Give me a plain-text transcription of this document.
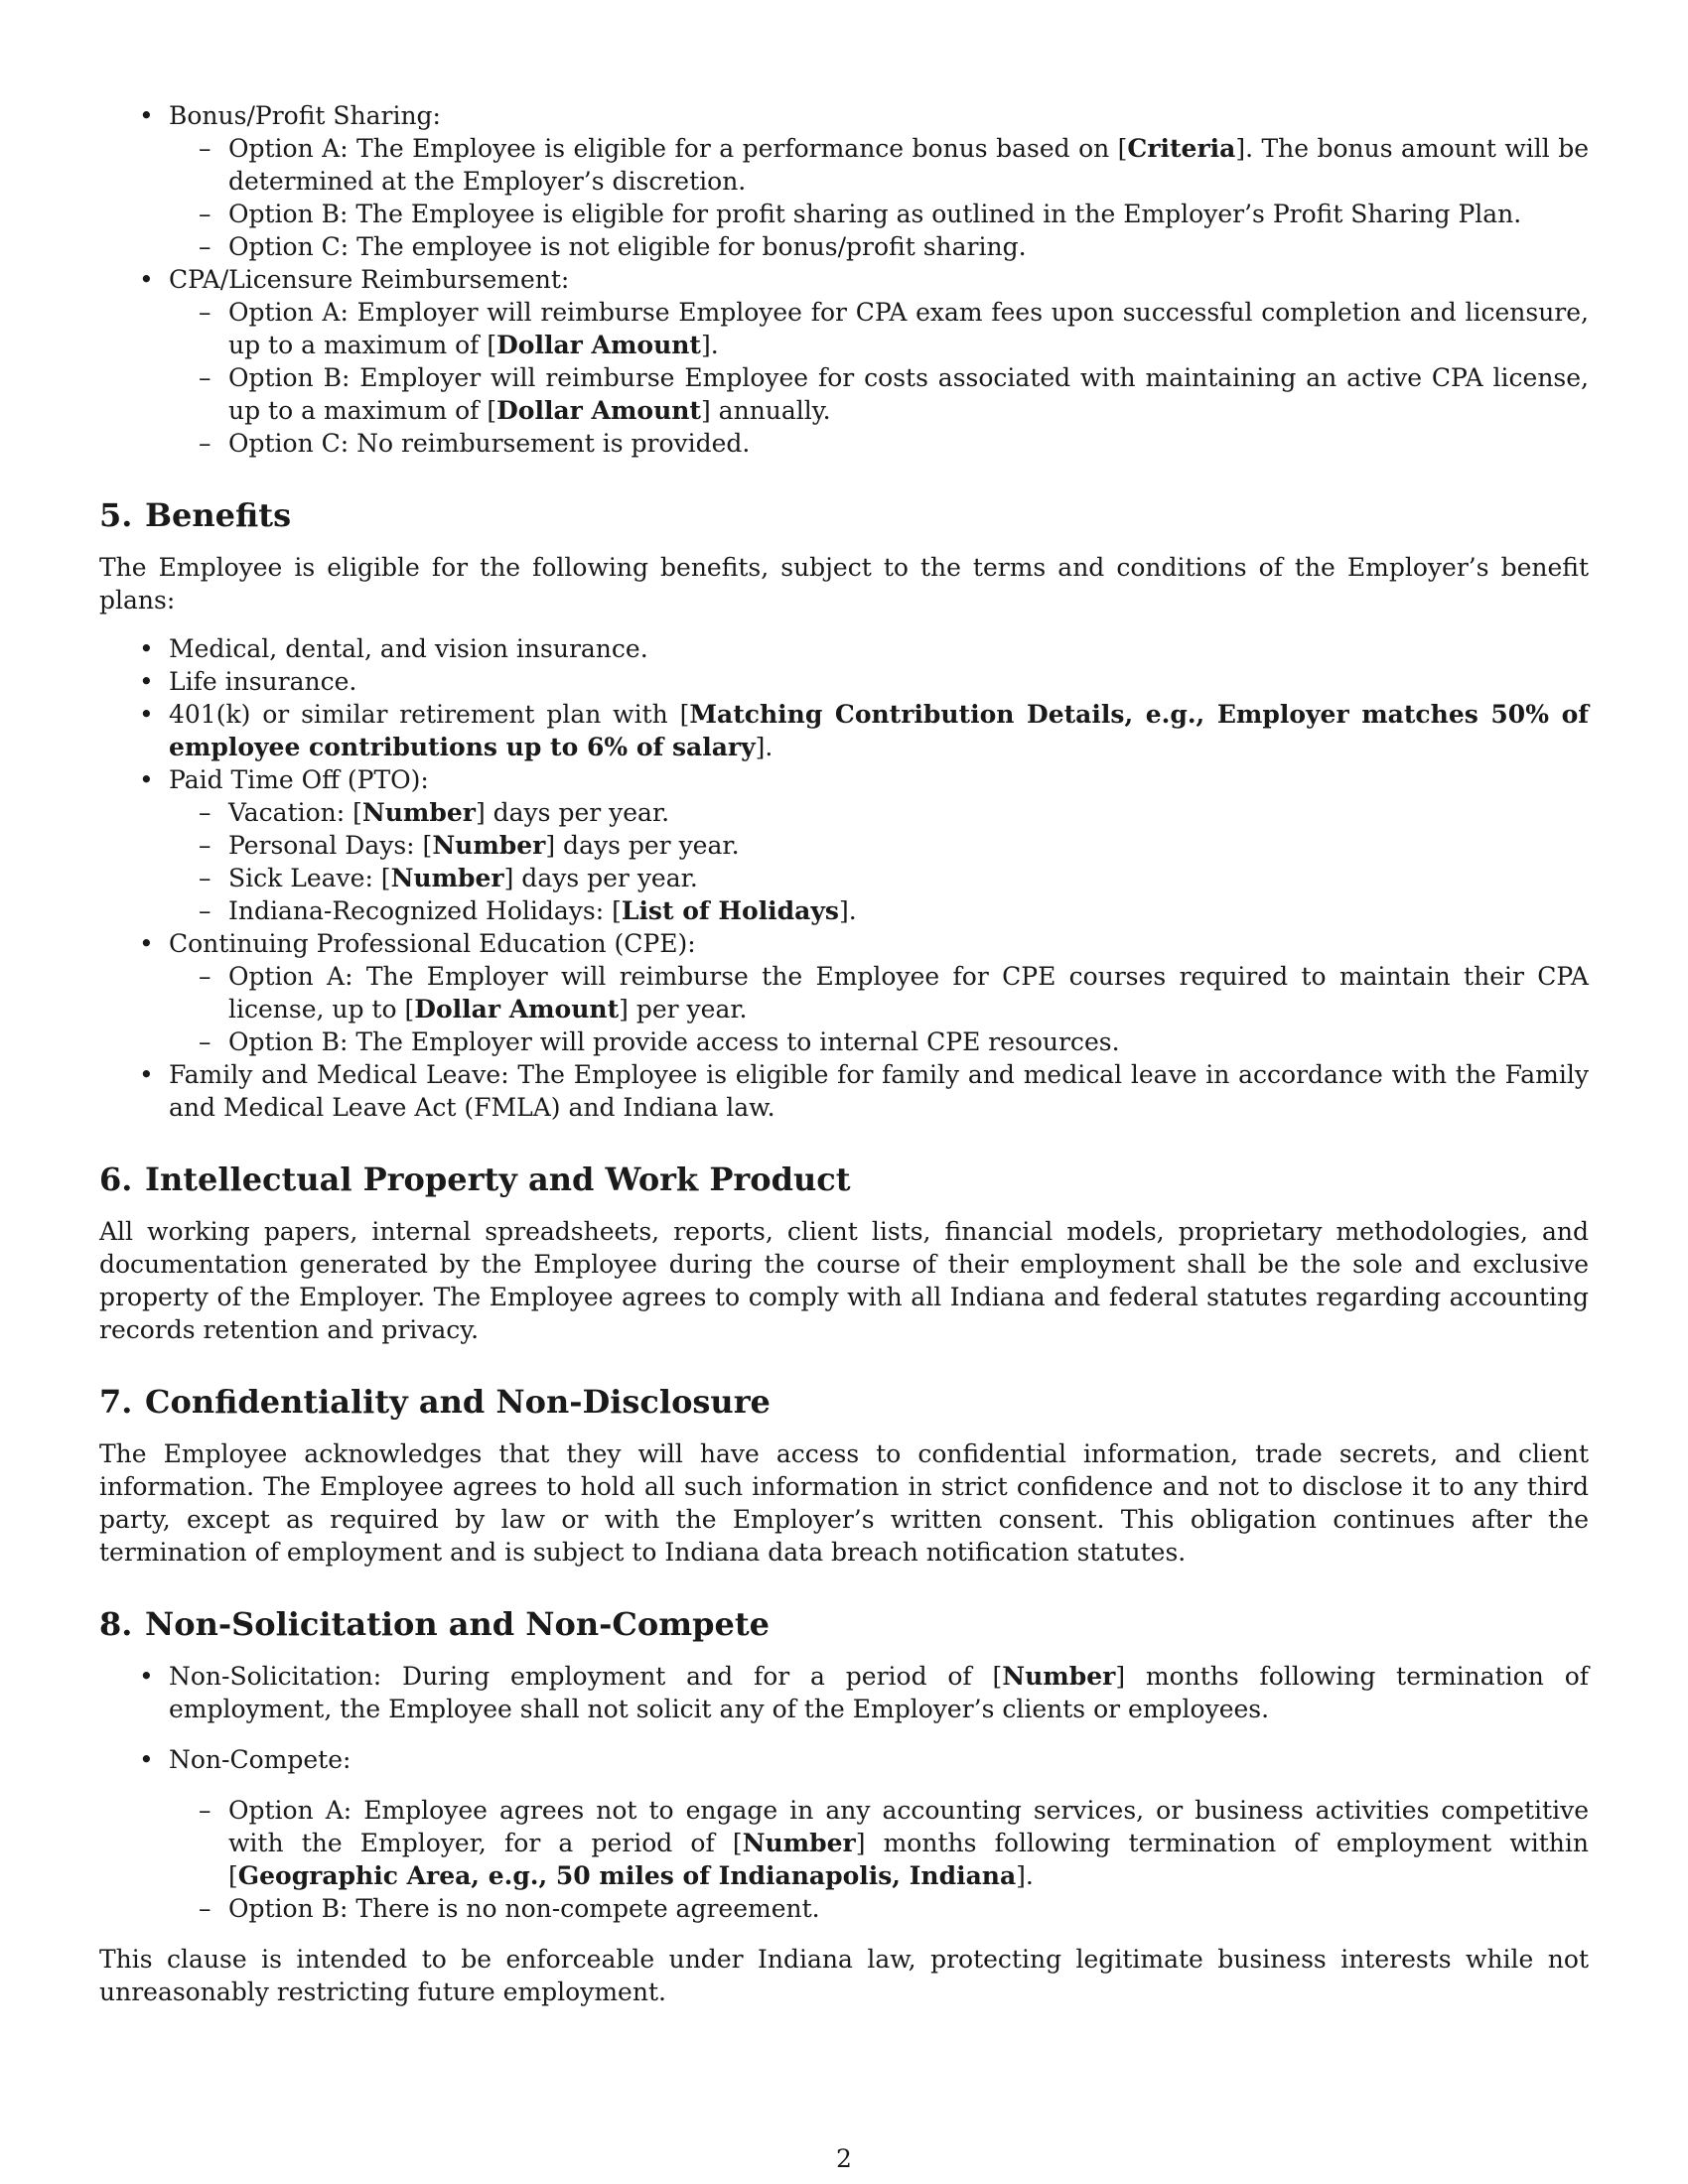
• Bonus/Profit Sharing:
– Option A: The Employee is eligible for a performance bonus based on [Criteria]. The bonus amount will be determined at the Employer’s discretion.
– Option B: The Employee is eligible for profit sharing as outlined in the Employer’s Profit Sharing Plan.
– Option C: The employee is not eligible for bonus/profit sharing.
• CPA/Licensure Reimbursement:
– Option A: Employer will reimburse Employee for CPA exam fees upon successful completion and licensure, up to a maximum of [Dollar Amount].
– Option B: Employer will reimburse Employee for costs associated with maintaining an active CPA license, up to a maximum of [Dollar Amount] annually.
– Option C: No reimbursement is provided.
5. Benefits

The Employee is eligible for the following benefits, subject to the terms and conditions of the Employer’s benefit plans:

• Medical, dental, and vision insurance.
• Life insurance.
• 401(k) or similar retirement plan with [Matching Contribution Details, e.g., Employer matches 50% of employee contributions up to 6% of salary].
• Paid Time Off (PTO):
– Vacation: [Number] days per year.
– Personal Days: [Number] days per year.
– Sick Leave: [Number] days per year.
– Indiana-Recognized Holidays: [List of Holidays].
• Continuing Professional Education (CPE):
– Option A: The Employer will reimburse the Employee for CPE courses required to maintain their CPA license, up to [Dollar Amount] per year.
– Option B: The Employer will provide access to internal CPE resources.
• Family and Medical Leave: The Employee is eligible for family and medical leave in accordance with the Family and Medical Leave Act (FMLA) and Indiana law.
6. Intellectual Property and Work Product

All working papers, internal spreadsheets, reports, client lists, financial models, proprietary methodologies, and documentation generated by the Employee during the course of their employment shall be the sole and exclusive property of the Employer. The Employee agrees to comply with all Indiana and federal statutes regarding accounting records retention and privacy.

7. Confidentiality and Non-Disclosure

The Employee acknowledges that they will have access to confidential information, trade secrets, and client information. The Employee agrees to hold all such information in strict confidence and not to disclose it to any third party, except as required by law or with the Employer’s written consent. This obligation continues after the termination of employment and is subject to Indiana data breach notification statutes.

8. Non-Solicitation and Non-Compete
• Non-Solicitation: During employment and for a period of [Number] months following termination of employment, the Employee shall not solicit any of the Employer’s clients or employees.
• Non-Compete:
– Option A: Employee agrees not to engage in any accounting services, or business activities competitive with the Employer, for a period of [Number] months following termination of employment within [Geographic Area, e.g., 50 miles of Indianapolis, Indiana].
– Option B: There is no non-compete agreement.

This clause is intended to be enforceable under Indiana law, protecting legitimate business interests while not unreasonably restricting future employment.

2
